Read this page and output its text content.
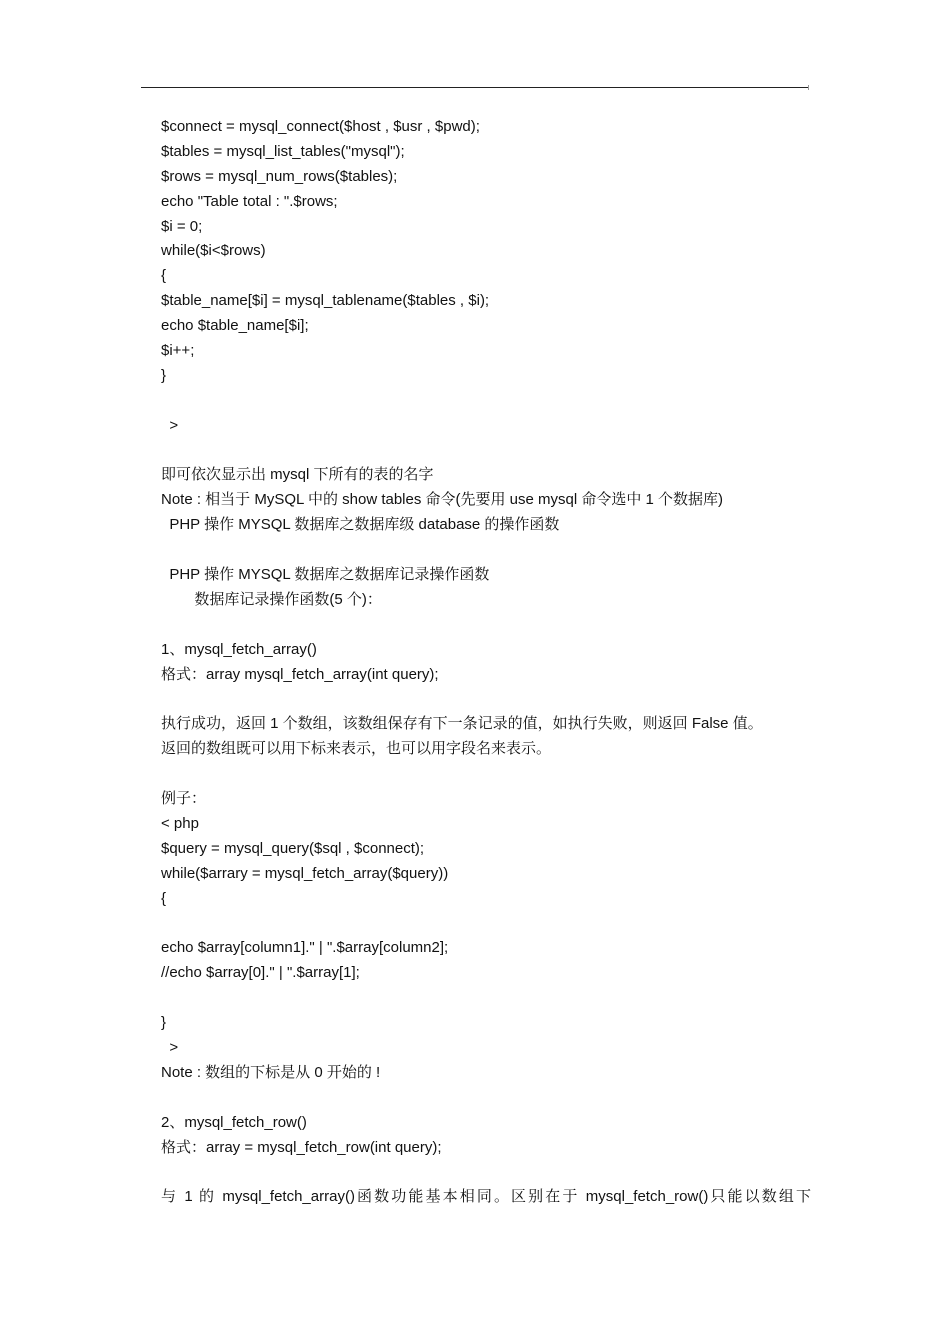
$connect = mysql_connect($host , $usr , $pwd);
$tables = mysql_list_tables("mysql");
$rows = mysql_num_rows($tables);
echo "Table total : ".$rows;
$i = 0;
while($i<$rows)
{
$table_name[$i] = mysql_tablename($tables , $i);
echo $table_name[$i];
$i++;
}
>
即可依次显示出 mysql 下所有的表的名字
Note : 相当于 MySQL 中的 show tables 命令(先要用 use mysql 命令选中 1 个数据库)
PHP 操作 MYSQL 数据库之数据库级 database 的操作函数
PHP 操作 MYSQL 数据库之数据库记录操作函数
数据库记录操作函数(5 个)：
1、mysql_fetch_array()
格式：array mysql_fetch_array(int query);
执行成功，返回 1 个数组，该数组保存有下一条记录的值，如执行失败，则返回 False 值。
返回的数组既可以用下标来表示，也可以用字段名来表示。
例子：
< php
$query = mysql_query($sql , $connect);
while($arrary = mysql_fetch_array($query))
{
echo $array[column1]." | ".$array[column2];
//echo $array[0]." | ".$array[1];
}
>
Note : 数组的下标是从 0 开始的 !
2、mysql_fetch_row()
格式：array = mysql_fetch_row(int query);
与 1 的 mysql_fetch_array()函数功能基本相同。区别在于 mysql_fetch_row()只能以数组下
